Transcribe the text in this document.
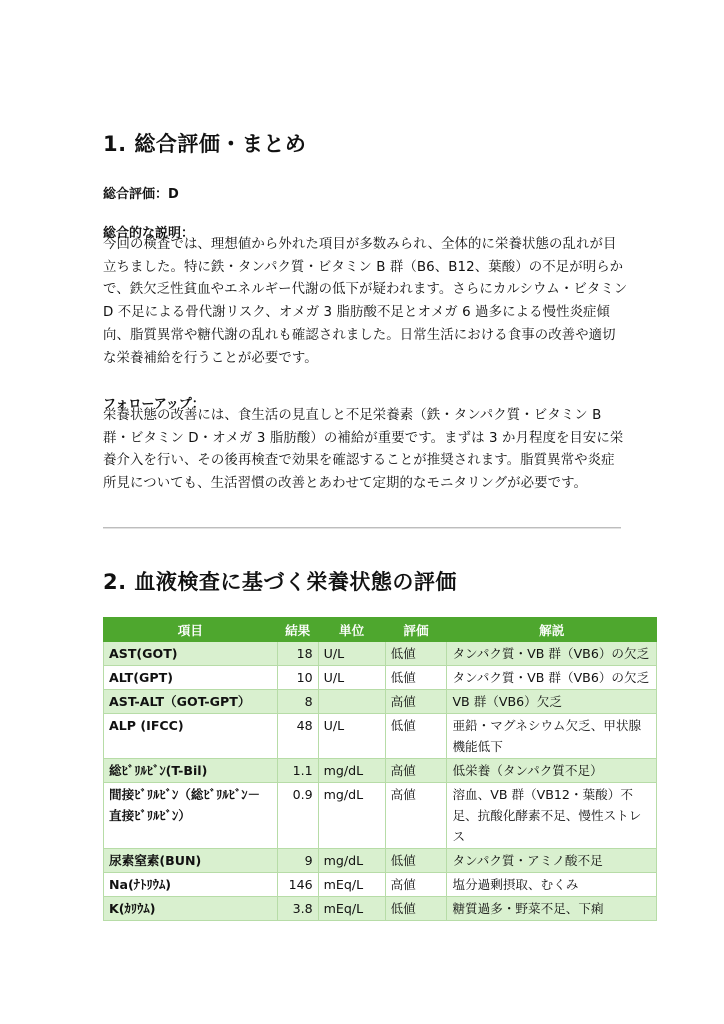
1. 総合評価・まとめ

総合評価：D

総合的な説明：

今回の検査では、理想値から外れた項目が多数みられ、全体的に栄養状態の乱れが目立ちました。特に鉄・タンパク質・ビタミン B 群（B6、B12、葉酸）の不足が明らかで、鉄欠乏性貧血やエネルギー代謝の低下が疑われます。さらにカルシウム・ビタミン D 不足による骨代謝リスク、オメガ 3 脂肪酸不足とオメガ 6 過多による慢性炎症傾向、脂質異常や糖代謝の乱れも確認されました。日常生活における食事の改善や適切な栄養補給を行うことが必要です。

フォローアップ：

栄養状態の改善には、食生活の見直しと不足栄養素（鉄・タンパク質・ビタミン B 群・ビタミン D・オメガ 3 脂肪酸）の補給が重要です。まずは 3 か月程度を目安に栄養介入を行い、その後再検査で効果を確認することが推奨されます。脂質異常や炎症所見についても、生活習慣の改善とあわせて定期的なモニタリングが必要です。

2. 血液検査に基づく栄養状態の評価
項目	結果	単位	評価	解説
AST(GOT)	18	U/L	低値	タンパク質・VB 群（VB6）の欠乏
ALT(GPT)	10	U/L	低値	タンパク質・VB 群（VB6）の欠乏
AST-ALT（GOT-GPT）	8		高値	VB 群（VB6）欠乏
ALP (IFCC)	48	U/L	低値	亜鉛・マグネシウム欠乏、甲状腺機能低下
総ﾋﾞﾘﾙﾋﾞﾝ(T-Bil)	1.1	mg/dL	高値	低栄養（タンパク質不足）
間接ﾋﾞﾘﾙﾋﾞﾝ（総ﾋﾞﾘﾙﾋﾞﾝ－直接ﾋﾞﾘﾙﾋﾞﾝ）	0.9	mg/dL	高値	溶血、VB 群（VB12・葉酸）不足、抗酸化酵素不足、慢性ストレス
尿素窒素(BUN)	9	mg/dL	低値	タンパク質・アミノ酸不足
Na(ﾅﾄﾘｳﾑ)	146	mEq/L	高値	塩分過剰摂取、むくみ
K(ｶﾘｳﾑ)	3.8	mEq/L	低値	糖質過多・野菜不足、下痢
